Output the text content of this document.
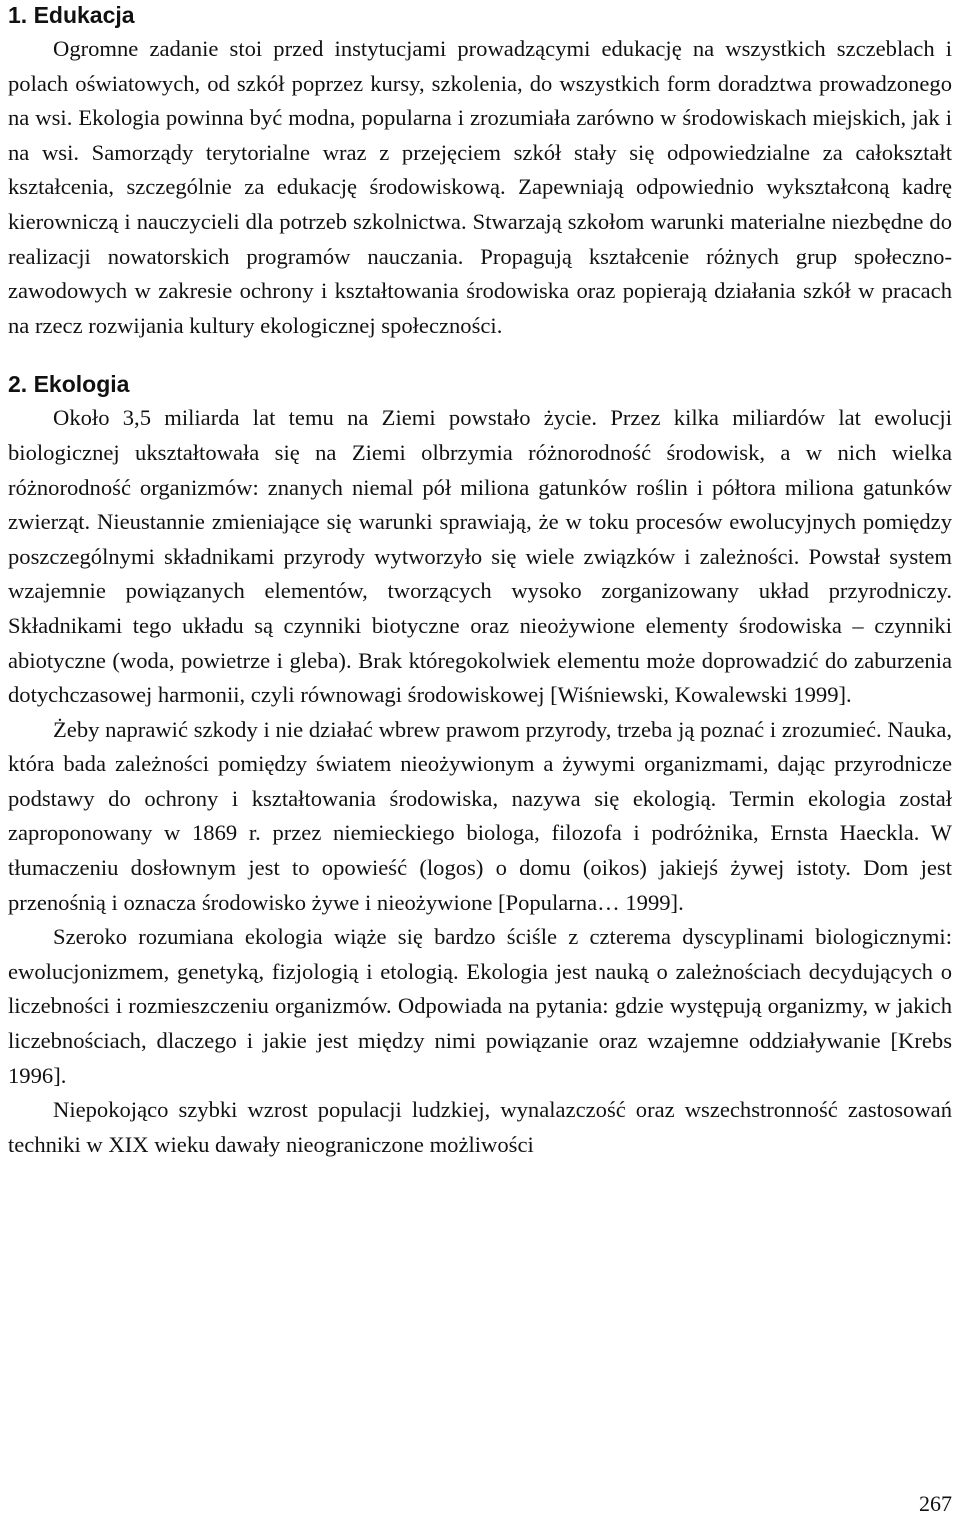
1. Edukacja

Ogromne zadanie stoi przed instytucjami prowadzącymi edukację na wszystkich szczeblach i polach oświatowych, od szkół poprzez kursy, szkolenia, do wszystkich form doradztwa prowadzonego na wsi. Ekologia powinna być modna, popularna i zrozumiała zarówno w środowiskach miejskich, jak i na wsi. Samorządy terytorialne wraz z przejęciem szkół stały się odpowiedzialne za całokształt kształcenia, szczególnie za edukację środowiskową. Zapewniają odpowiednio wykształconą kadrę kierowniczą i nauczycieli dla potrzeb szkolnictwa. Stwarzają szkołom warunki materialne niezbędne do realizacji nowatorskich programów nauczania. Propagują kształcenie różnych grup społeczno-zawodowych w zakresie ochrony i kształtowania środowiska oraz popierają działania szkół w pracach na rzecz rozwijania kultury ekologicznej społeczności.

2. Ekologia

Około 3,5 miliarda lat temu na Ziemi powstało życie. Przez kilka miliardów lat ewolucji biologicznej ukształtowała się na Ziemi olbrzymia różnorodność środowisk, a w nich wielka różnorodność organizmów: znanych niemal pół miliona gatunków roślin i półtora miliona gatunków zwierząt. Nieustannie zmieniające się warunki sprawiają, że w toku procesów ewolucyjnych pomiędzy poszczególnymi składnikami przyrody wytworzyło się wiele związków i zależności. Powstał system wzajemnie powiązanych elementów, tworzących wysoko zorganizowany układ przyrodniczy. Składnikami tego układu są czynniki biotyczne oraz nieożywione elementy środowiska – czynniki abiotyczne (woda, powietrze i gleba). Brak któregokolwiek elementu może doprowadzić do zaburzenia dotychczasowej harmonii, czyli równowagi środowiskowej [Wiśniewski, Kowalewski 1999].

Żeby naprawić szkody i nie działać wbrew prawom przyrody, trzeba ją poznać i zrozumieć. Nauka, która bada zależności pomiędzy światem nieożywionym a żywymi organizmami, dając przyrodnicze podstawy do ochrony i kształtowania środowiska, nazywa się ekologią. Termin ekologia został zaproponowany w 1869 r. przez niemieckiego biologa, filozofa i podróżnika, Ernsta Haeckla. W tłumaczeniu dosłownym jest to opowieść (logos) o domu (oikos) jakiejś żywej istoty. Dom jest przenośnią i oznacza środowisko żywe i nieożywione [Popularna… 1999].

Szeroko rozumiana ekologia wiąże się bardzo ściśle z czterema dyscyplinami biologicznymi: ewolucjonizmem, genetyką, fizjologią i etologią. Ekologia jest nauką o zależnościach decydujących o liczebności i rozmieszczeniu organizmów. Odpowiada na pytania: gdzie występują organizmy, w jakich liczebnościach, dlaczego i jakie jest między nimi powiązanie oraz wzajemne oddziaływanie [Krebs 1996].

Niepokojąco szybki wzrost populacji ludzkiej, wynalazczość oraz wszechstronność zastosowań techniki w XIX wieku dawały nieograniczone możliwości

267
